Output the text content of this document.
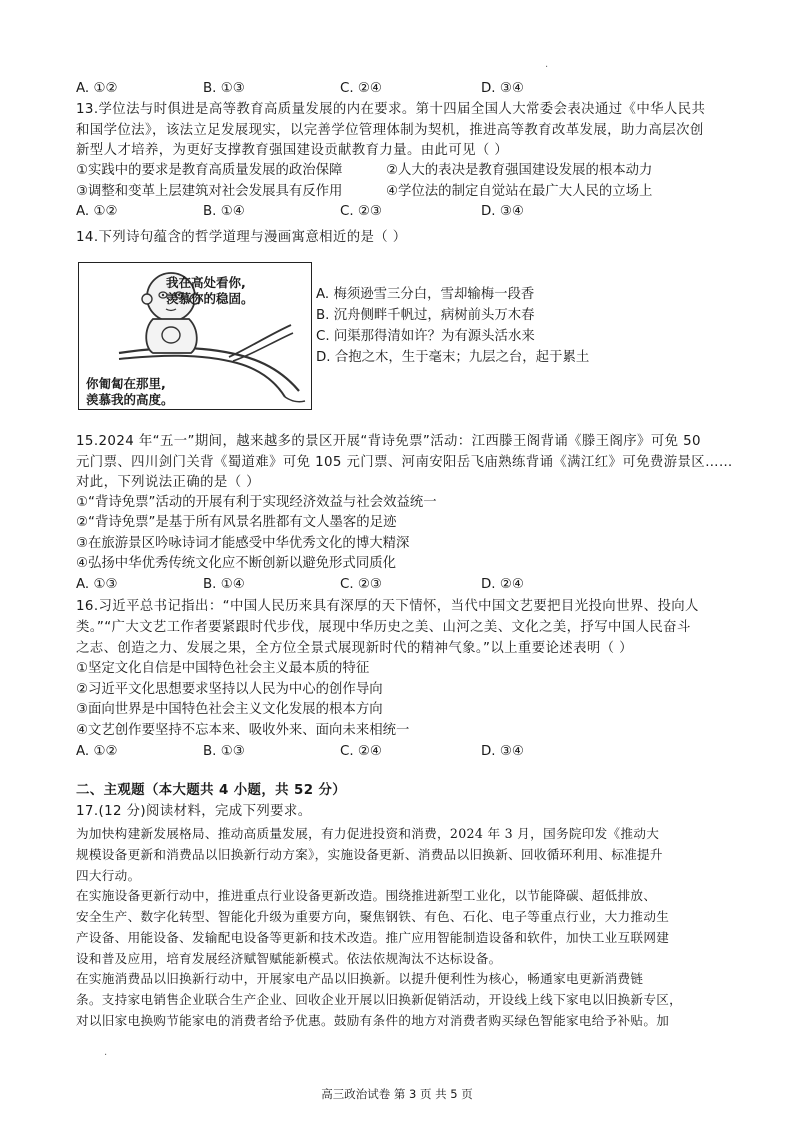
A. ①②	B. ①③	C. ②④	D. ③④
·
13.学位法与时俱进是高等教育高质量发展的内在要求。第十四届全国人大常委会表决通过《中华人民共
和国学位法》，该法立足发展现实，以完善学位管理体制为契机，推进高等教育改革发展，助力高层次创
新型人才培养，为更好支撑教育强国建设贡献教育力量。由此可见（ ）
①实践中的要求是教育高质量发展的政治保障	②人大的表决是教育强国建设发展的根本动力
③调整和变革上层建筑对社会发展具有反作用	④学位法的制定自觉站在最广大人民的立场上
A. ①②	B. ①④	C. ②③	D. ③④
14.下列诗句蕴含的哲学道理与漫画寓意相近的是（ ）
我在高处看你,
羡慕你的稳固。
你匍匐在那里,
羡慕我的高度。
A. 梅须逊雪三分白，雪却输梅一段香
B. 沉舟侧畔千帆过，病树前头万木春
C. 问渠那得清如许？为有源头活水来
D. 合抱之木，生于毫末；九层之台，起于累土
15.2024 年“五一”期间，越来越多的景区开展“背诗免票”活动：江西滕王阁背诵《滕王阁序》可免 50
元门票、四川剑门关背《蜀道难》可免 105 元门票、河南安阳岳飞庙熟练背诵《满江红》可免费游景区……
对此，下列说法正确的是（ ）
①“背诗免票”活动的开展有利于实现经济效益与社会效益统一
②“背诗免票”是基于所有风景名胜都有文人墨客的足迹
③在旅游景区吟咏诗词才能感受中华优秀文化的博大精深
④弘扬中华优秀传统文化应不断创新以避免形式同质化
A. ①③	B. ①④	C. ②③	D. ②④
16.习近平总书记指出：“中国人民历来具有深厚的天下情怀，当代中国文艺要把目光投向世界、投向人
类。”“广大文艺工作者要紧跟时代步伐，展现中华历史之美、山河之美、文化之美，抒写中国人民奋斗
之志、创造之力、发展之果，全方位全景式展现新时代的精神气象。”以上重要论述表明（ ）
①坚定文化自信是中国特色社会主义最本质的特征
②习近平文化思想要求坚持以人民为中心的创作导向
③面向世界是中国特色社会主义文化发展的根本方向
④文艺创作要坚持不忘本来、吸收外来、面向未来相统一
A. ①②	B. ①③	C. ②④	D. ③④
二、主观题（本大题共 4 小题，共 52 分）
17.(12 分)阅读材料，完成下列要求。
为加快构建新发展格局、推动高质量发展，有力促进投资和消费，2024 年 3 月，国务院印发《推动大
规模设备更新和消费品以旧换新行动方案》，实施设备更新、消费品以旧换新、回收循环利用、标准提升
四大行动。
在实施设备更新行动中，推进重点行业设备更新改造。围绕推进新型工业化，以节能降碳、超低排放、
安全生产、数字化转型、智能化升级为重要方向，聚焦钢铁、有色、石化、电子等重点行业，大力推动生
产设备、用能设备、发输配电设备等更新和技术改造。推广应用智能制造设备和软件，加快工业互联网建
设和普及应用，培育发展经济赋智赋能新模式。依法依规淘汰不达标设备。
在实施消费品以旧换新行动中，开展家电产品以旧换新。以提升便利性为核心，畅通家电更新消费链
条。支持家电销售企业联合生产企业、回收企业开展以旧换新促销活动，开设线上线下家电以旧换新专区，
对以旧家电换购节能家电的消费者给予优惠。鼓励有条件的地方对消费者购买绿色智能家电给予补贴。加
·
高三政治试卷 第 3 页 共 5 页
